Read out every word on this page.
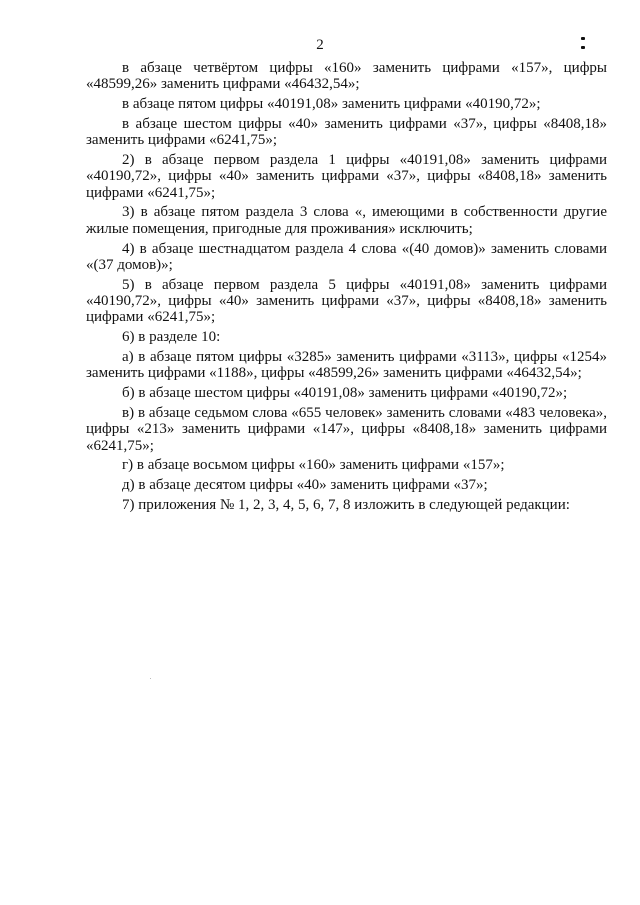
2

в абзаце четвёртом цифры «160» заменить цифрами «157», цифры «48599,26» заменить цифрами «46432,54»;

в абзаце пятом цифры «40191,08» заменить цифрами «40190,72»;

в абзаце шестом цифры «40» заменить цифрами «37», цифры «8408,18» заменить цифрами «6241,75»;

2) в абзаце первом раздела 1 цифры «40191,08» заменить цифрами «40190,72», цифры «40» заменить цифрами «37», цифры «8408,18» заменить цифрами «6241,75»;

3) в абзаце пятом раздела 3 слова «, имеющими в собственности другие жилые помещения, пригодные для проживания» исключить;

4) в абзаце шестнадцатом раздела 4 слова «(40 домов)» заменить словами «(37 домов)»;

5) в абзаце первом раздела 5 цифры «40191,08» заменить цифрами «40190,72», цифры «40» заменить цифрами «37», цифры «8408,18» заменить цифрами «6241,75»;

6) в разделе 10:

а) в абзаце пятом цифры «3285» заменить цифрами «3113», цифры «1254» заменить цифрами «1188», цифры «48599,26» заменить цифрами «46432,54»;

б) в абзаце шестом цифры «40191,08» заменить цифрами «40190,72»;

в) в абзаце седьмом слова «655 человек» заменить словами «483 человека», цифры «213» заменить цифрами «147», цифры «8408,18» заменить цифрами «6241,75»;

г) в абзаце восьмом цифры «160» заменить цифрами «157»;

д) в абзаце десятом цифры «40» заменить цифрами «37»;

7) приложения № 1, 2, 3, 4, 5, 6, 7, 8 изложить в следующей редакции:
